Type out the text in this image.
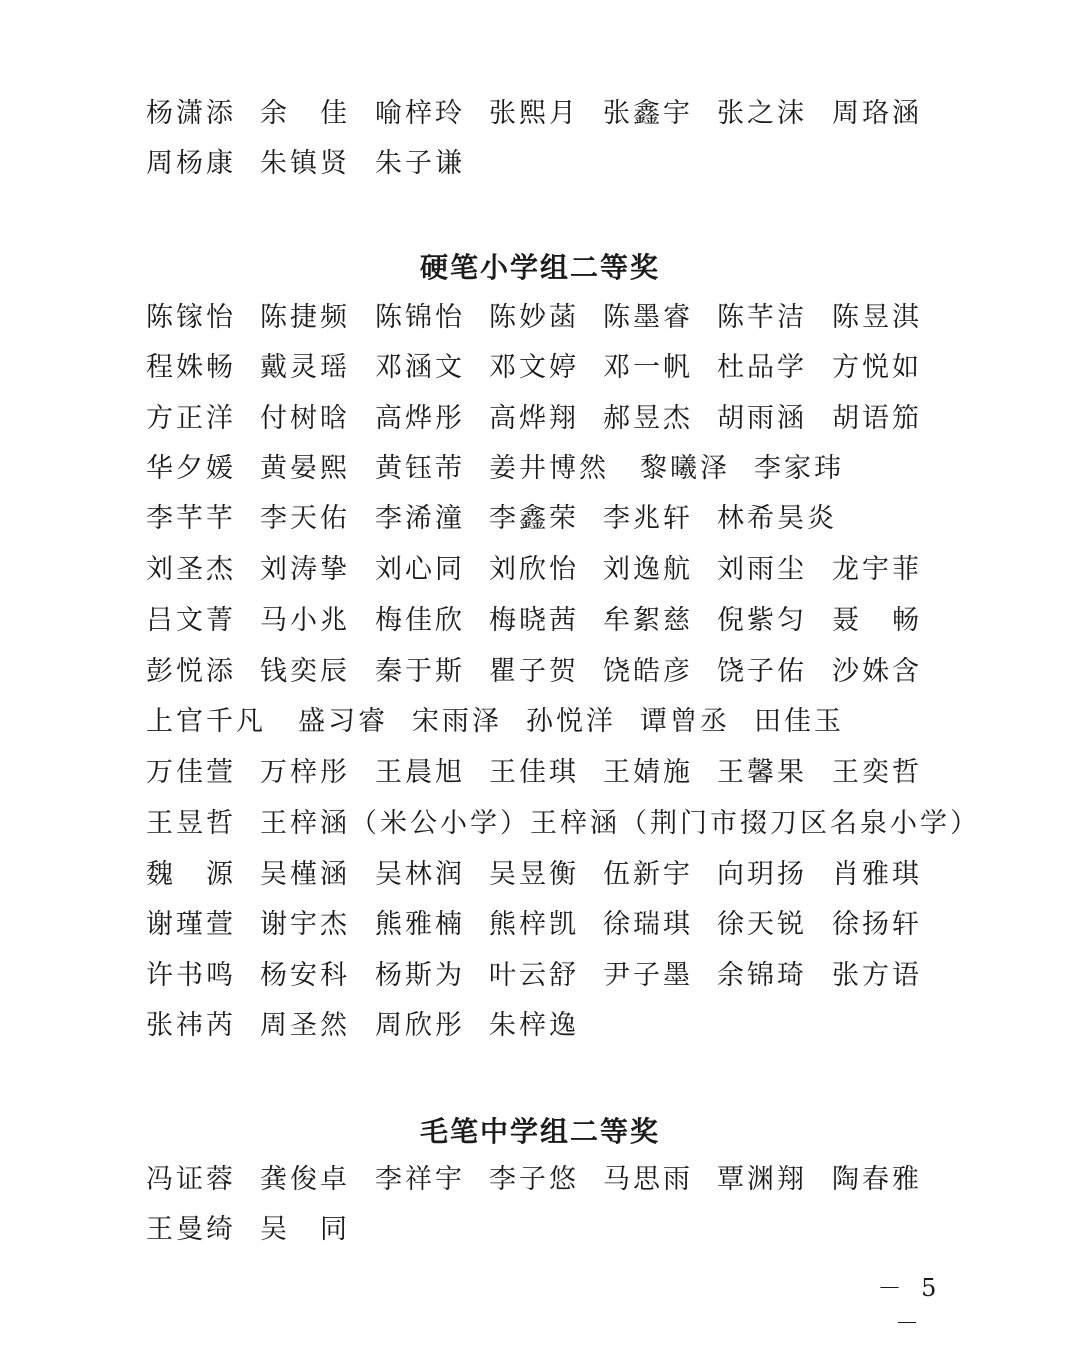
杨潇添 余　佳 喻梓玲 张熙月 张鑫宇 张之沫 周珞涵
周杨康 朱镇贤 朱子谦
硬笔小学组二等奖
陈镓怡 陈捷频 陈锦怡 陈妙菡 陈墨睿 陈芊洁 陈昱淇
程姝畅 戴灵瑶 邓涵文 邓文婷 邓一帆 杜品学 方悦如
方正洋 付树晗 高烨彤 高烨翔 郝昱杰 胡雨涵 胡语笳
华夕媛 黄晏熙 黄钰芾 姜井博然 黎曦泽 李家玮
李芊芊 李天佑 李浠潼 李鑫荣 李兆轩 林希昊炎
刘圣杰 刘涛挚 刘心同 刘欣怡 刘逸航 刘雨尘 龙宇菲
吕文菁 马小兆 梅佳欣 梅晓茜 牟絮慈 倪紫匀 聂　畅
彭悦添 钱奕辰 秦于斯 瞿子贺 饶皓彦 饶子佑 沙姝含
上官千凡 盛习睿 宋雨泽 孙悦洋 谭曾丞 田佳玉
万佳萱 万梓彤 王晨旭 王佳琪 王婧施 王馨果 王奕哲
王昱哲 王梓涵（米公小学） 王梓涵（荆门市掇刀区名泉小学）
魏　源 吴槿涵 吴林润 吴昱衡 伍新宇 向玥扬 肖雅琪
谢瑾萱 谢宇杰 熊雅楠 熊梓凯 徐瑞琪 徐天锐 徐扬轩
许书鸣 杨安科 杨斯为 叶云舒 尹子墨 余锦琦 张方语
张祎芮 周圣然 周欣彤 朱梓逸
毛笔中学组二等奖
冯证蓉 龚俊卓 李祥宇 李子悠 马思雨 覃渊翔 陶春雅
王曼绮 吴　同
－ 5 －
